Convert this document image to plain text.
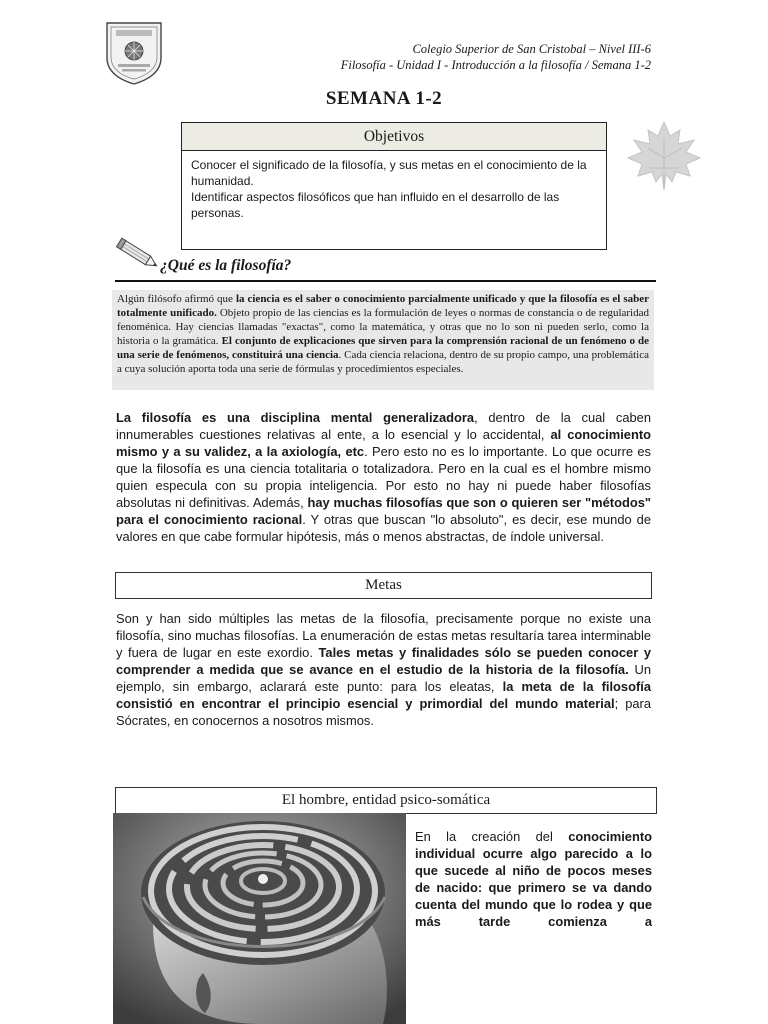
Colegio Superior de San Cristobal – Nivel III-6
Filosofía - Unidad I - Introducción a la filosofía / Semana 1-2
SEMANA 1-2
Objetivos

Conocer el significado de la filosofía, y sus metas en el conocimiento de la humanidad.

Identificar aspectos filosóficos que han influido en el desarrollo de las personas.

¿Qué es la filosofía?
Algún filósofo afirmó que la ciencia es el saber o conocimiento parcialmente unificado y que la filosofía es el saber totalmente unificado. Objeto propio de las ciencias es la formulación de leyes o normas de constancia o de regularidad fenoménica. Hay ciencias llamadas "exactas", como la matemática, y otras que no lo son ni pueden serlo, como la historia o la gramática. El conjunto de explicaciones que sirven para la comprensión racional de un fenómeno o de una serie de fenómenos, constituirá una ciencia. Cada ciencia relaciona, dentro de su propio campo, una problemática a cuya solución aporta toda una serie de fórmulas y procedimientos especiales.
La filosofía es una disciplina mental generalizadora, dentro de la cual caben innumerables cuestiones relativas al ente, a lo esencial y lo accidental, al conocimiento mismo y a su validez, a la axiología, etc. Pero esto no es lo importante. Lo que ocurre es que la filosofía es una ciencia totalitaria o totalizadora. Pero en la cual es el hombre mismo quien especula con su propia inteligencia. Por esto no hay ni puede haber filosofías absolutas ni definitivas. Además, hay muchas filosofías que son o quieren ser "métodos" para el conocimiento racional. Y otras que buscan "lo absoluto", es decir, ese mundo de valores en que cabe formular hipótesis, más o menos abstractas, de índole universal.
Metas
Son y han sido múltiples las metas de la filosofía, precisamente porque no existe una filosofía, sino muchas filosofías. La enumeración de estas metas resultaría tarea interminable y fuera de lugar en este exordio. Tales metas y finalidades sólo se pueden conocer y comprender a medida que se avance en el estudio de la historia de la filosofía. Un ejemplo, sin embargo, aclarará este punto: para los eleatas, la meta de la filosofía consistió en encontrar el principio esencial y primordial del mundo material; para Sócrates, en conocernos a nosotros mismos.
El hombre, entidad psico-somática
En la creación del conocimiento individual ocurre algo parecido a lo que sucede al niño de pocos meses de nacido: que primero se va dando cuenta del mundo que lo rodea y que más tarde comienza a
